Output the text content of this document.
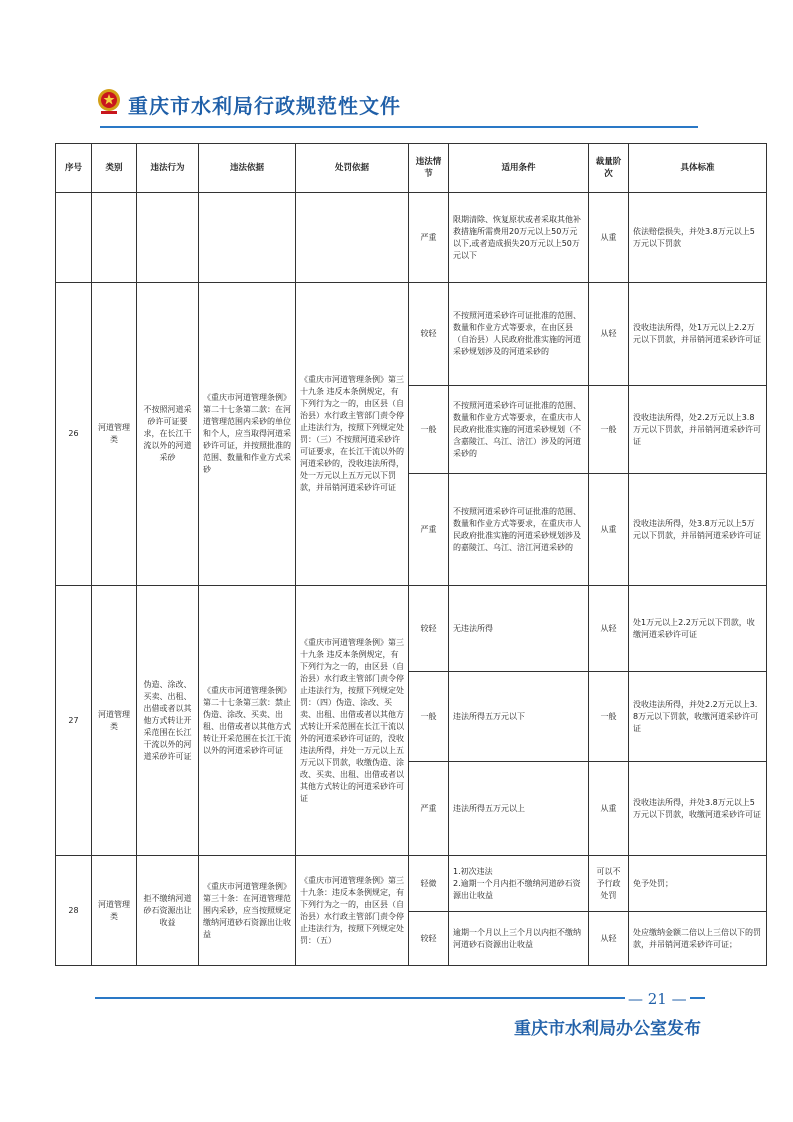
重庆市水利局行政规范性文件
序号	类别	违法行为	违法依据	处罚依据	违法情节	适用条件	裁量阶次	具体标准
					严重	限期清除、恢复原状或者采取其他补救措施所需费用20万元以上50万元以下,或者造成损失20万元以上50万元以下	从重	依法赔偿损失，并处3.8万元以上5万元以下罚款
26	河道管理类	不按照河道采砂许可证要求，在长江干流以外的河道采砂	《重庆市河道管理条例》第二十七条第二款：在河道管理范围内采砂的单位和个人，应当取得河道采砂许可证，并按照批准的范围、数量和作业方式采砂	《重庆市河道管理条例》第三十九条 违反本条例规定，有下列行为之一的，由区县（自治县）水行政主管部门责令停止违法行为，按照下列规定处罚：（三）不按照河道采砂许可证要求，在长江干流以外的河道采砂的，没收违法所得，处一万元以上五万元以下罚款，并吊销河道采砂许可证	较轻	不按照河道采砂许可证批准的范围、数量和作业方式等要求，在由区县（自治县）人民政府批准实施的河道采砂规划涉及的河道采砂的	从轻	没收违法所得，处1万元以上2.2万元以下罚款，并吊销河道采砂许可证
					一般	不按照河道采砂许可证批准的范围、数量和作业方式等要求，在重庆市人民政府批准实施的河道采砂规划（不含嘉陵江、乌江、涪江）涉及的河道采砂的	一般	没收违法所得，处2.2万元以上3.8万元以下罚款，并吊销河道采砂许可证
					严重	不按照河道采砂许可证批准的范围、数量和作业方式等要求，在重庆市人民政府批准实施的河道采砂规划涉及的嘉陵江、乌江、涪江河道采砂的	从重	没收违法所得，处3.8万元以上5万元以下罚款，并吊销河道采砂许可证
27	河道管理类	伪造、涂改、买卖、出租、出借或者以其他方式转让开采范围在长江干流以外的河道采砂许可证	《重庆市河道管理条例》第二十七条第三款：禁止伪造、涂改、买卖、出租、出借或者以其他方式转让开采范围在长江干流以外的河道采砂许可证	《重庆市河道管理条例》第三十九条 违反本条例规定，有下列行为之一的，由区县（自治县）水行政主管部门责令停止违法行为，按照下列规定处罚：（四）伪造、涂改、买卖、出租、出借或者以其他方式转让开采范围在长江干流以外的河道采砂许可证的，没收违法所得，并处一万元以上五万元以下罚款，收缴伪造、涂改、买卖、出租、出借或者以其他方式转让的河道采砂许可证	较轻	无违法所得	从轻	处1万元以上2.2万元以下罚款，收缴河道采砂许可证
					一般	违法所得五万元以下	一般	没收违法所得，并处2.2万元以上3.8万元以下罚款，收缴河道采砂许可证
					严重	违法所得五万元以上	从重	没收违法所得，并处3.8万元以上5万元以下罚款，收缴河道采砂许可证
28	河道管理类	拒不缴纳河道砂石资源出让收益	《重庆市河道管理条例》第三十条：在河道管理范围内采砂，应当按照规定缴纳河道砂石资源出让收益	《重庆市河道管理条例》第三十九条：违反本条例规定，有下列行为之一的，由区县（自治县）水行政主管部门责令停止违法行为，按照下列规定处罚：（五）	轻微	1.初次违法
2.逾期一个月内拒不缴纳河道砂石资源出让收益	可以不予行政处罚	免予处罚；
					较轻	逾期一个月以上三个月以内拒不缴纳河道砂石资源出让收益	从轻	处应缴纳金额二倍以上三倍以下的罚款，并吊销河道采砂许可证；
— 21 —
重庆市水利局办公室发布
